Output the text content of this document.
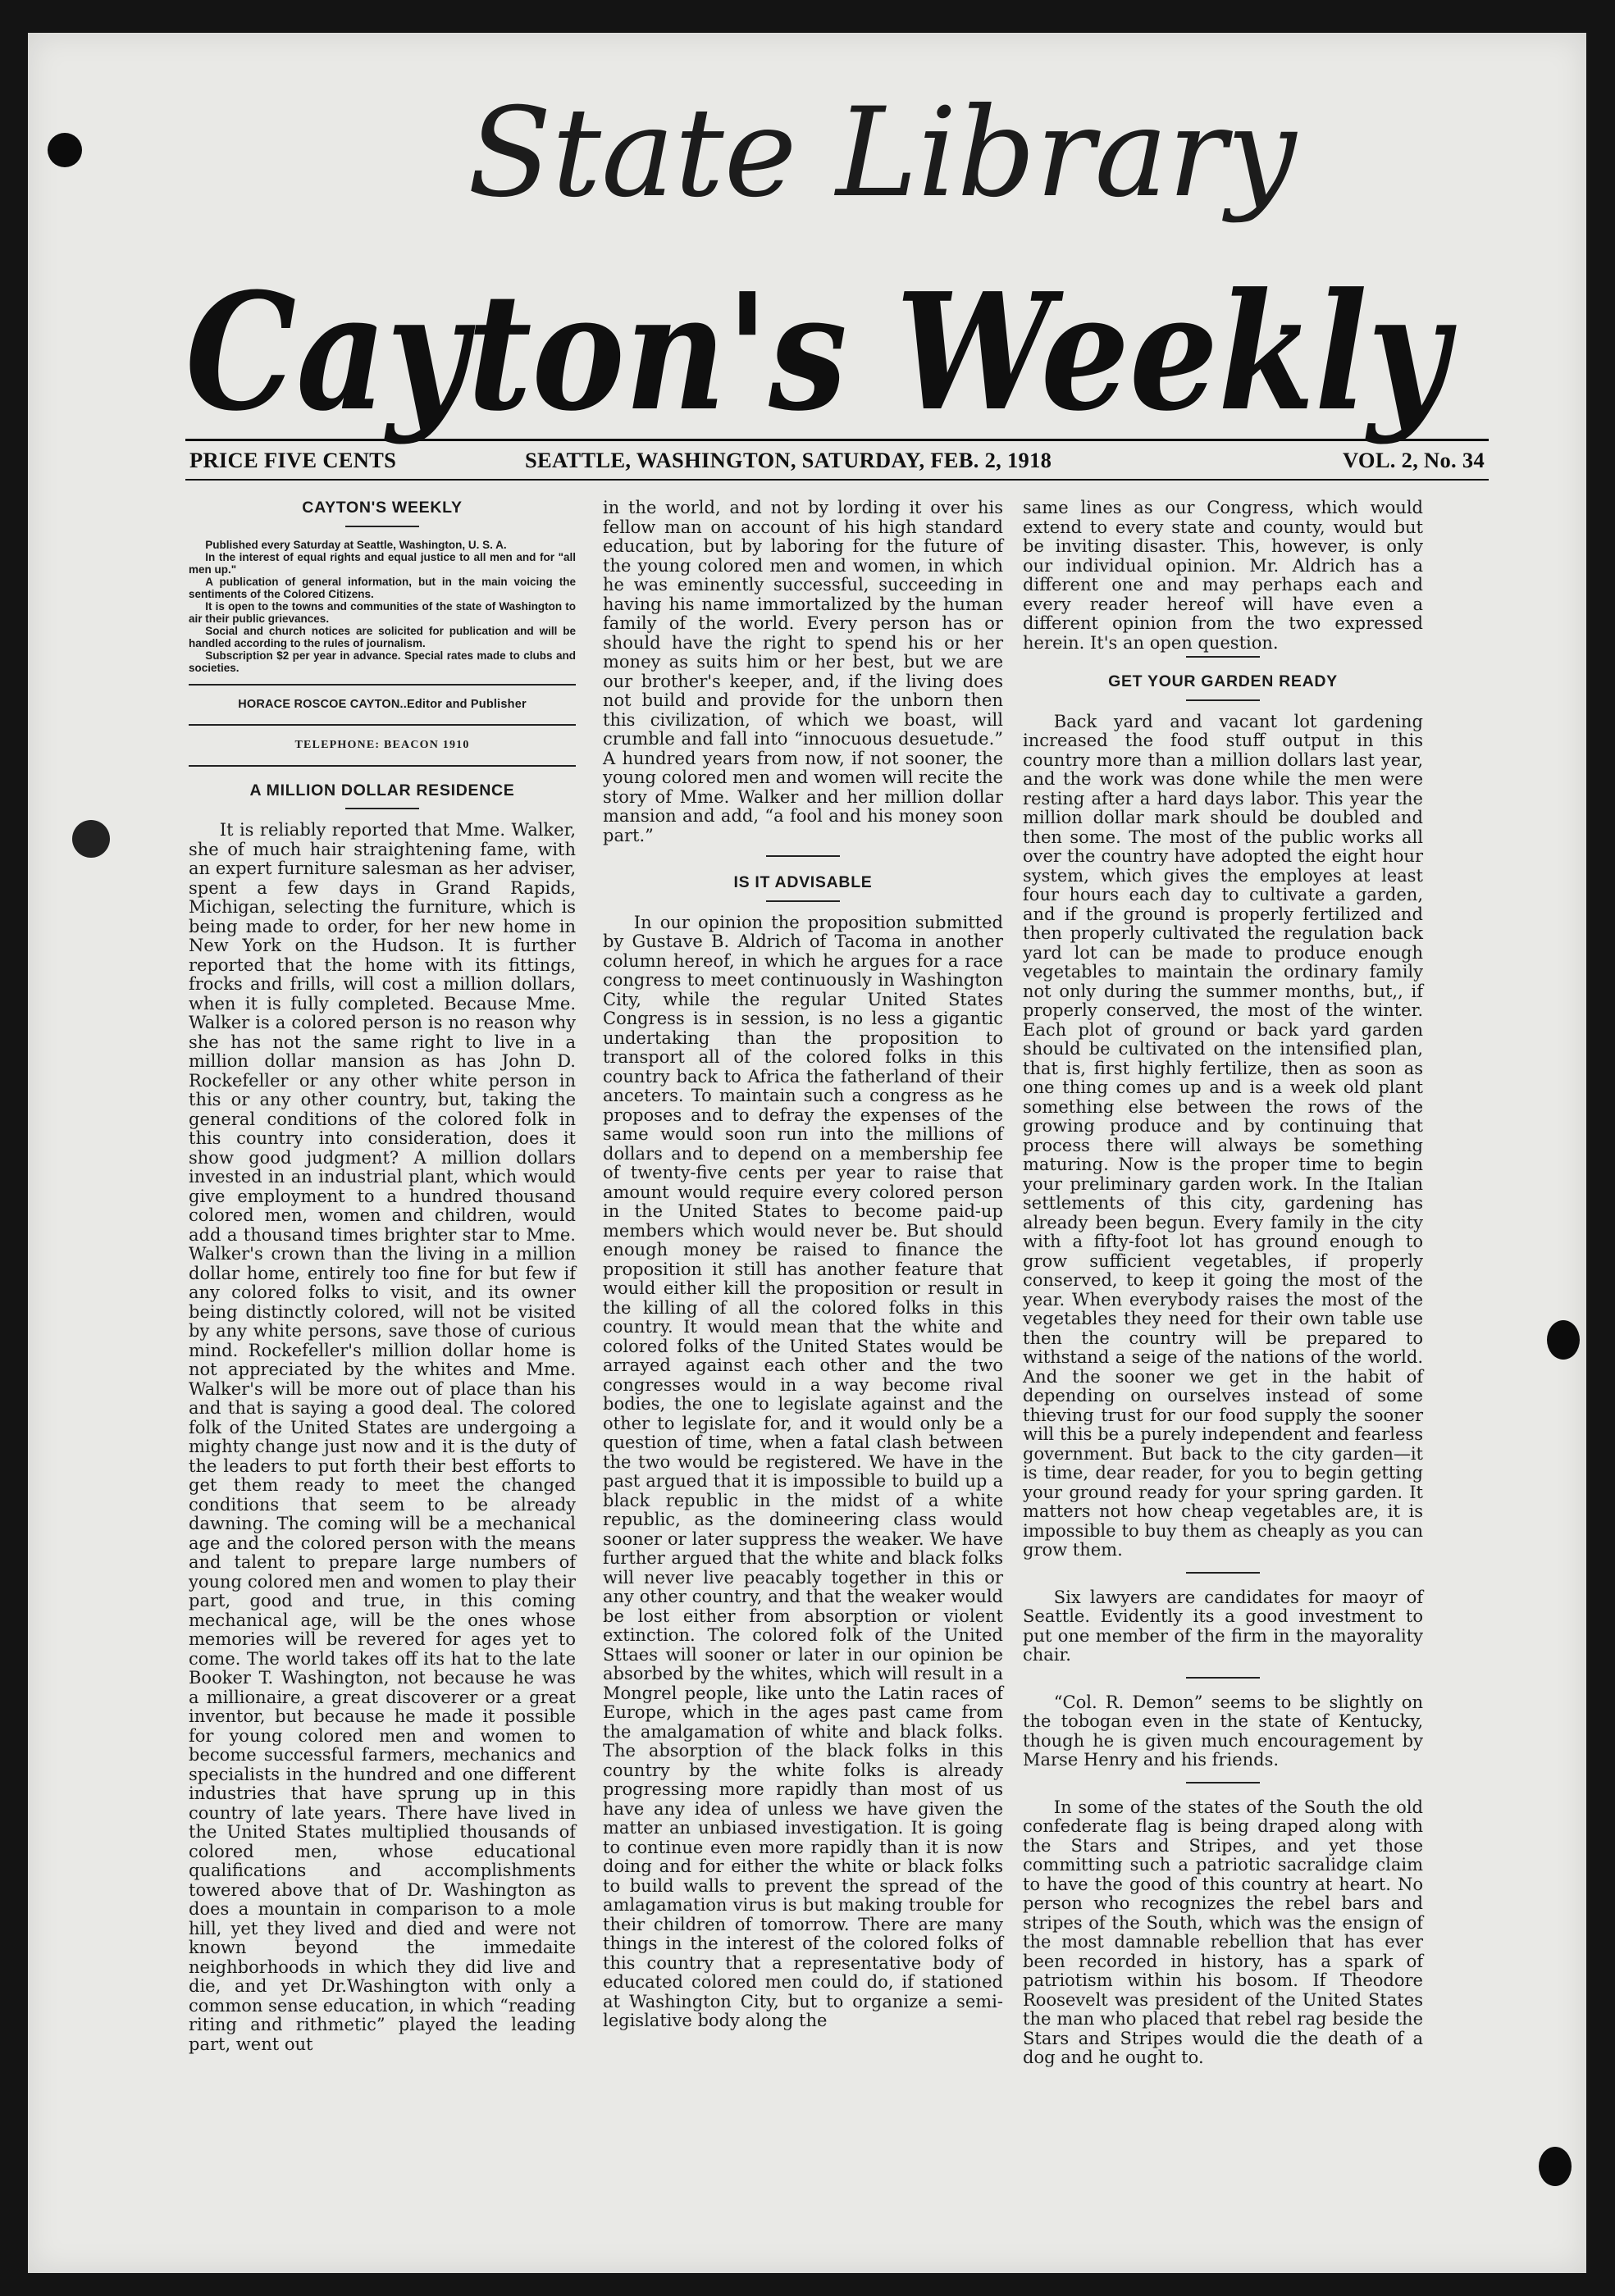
State Library
Cayton's Weekly
PRICE FIVE CENTS	SEATTLE, WASHINGTON, SATURDAY, FEB. 2, 1918	VOL. 2, No. 34
CAYTON'S WEEKLY

Published every Saturday at Seattle, Washington, U. S. A.

In the interest of equal rights and equal justice to all men and for "all men up."

A publication of general information, but in the main voicing the sentiments of the Colored Citizens.

It is open to the towns and communities of the state of Washington to air their public grievances.

Social and church notices are solicited for publication and will be handled according to the rules of journalism.

Subscription $2 per year in advance. Special rates made to clubs and societies.

HORACE ROSCOE CAYTON..Editor and Publisher
TELEPHONE: BEACON 1910
A MILLION DOLLAR RESIDENCE

It is reliably reported that Mme. Walker, she of much hair straightening fame, with an expert furniture salesman as her adviser, spent a few days in Grand Rapids, Michigan, selecting the furniture, which is being made to order, for her new home in New York on the Hudson. It is further reported that the home with its fittings, frocks and frills, will cost a million dollars, when it is fully completed. Because Mme. Walker is a colored person is no reason why she has not the same right to live in a million dollar mansion as has John D. Rockefeller or any other white person in this or any other country, but, taking the general conditions of the colored folk in this country into consideration, does it show good judgment? A million dollars invested in an industrial plant, which would give employment to a hundred thousand colored men, women and children, would add a thousand times brighter star to Mme. Walker's crown than the living in a million dollar home, entirely too fine for but few if any colored folks to visit, and its owner being distinctly colored, will not be visited by any white persons, save those of curious mind. Rockefeller's million dollar home is not appreciated by the whites and Mme. Walker's will be more out of place than his and that is saying a good deal. The colored folk of the United States are undergoing a mighty change just now and it is the duty of the leaders to put forth their best efforts to get them ready to meet the changed conditions that seem to be already dawning. The coming will be a mechanical age and the colored person with the means and talent to prepare large numbers of young colored men and women to play their part, good and true, in this coming mechanical age, will be the ones whose memories will be revered for ages yet to come. The world takes off its hat to the late Booker T. Washington, not because he was a millionaire, a great discoverer or a great inventor, but because he made it possible for young colored men and women to become successful farmers, mechanics and specialists in the hundred and one different industries that have sprung up in this country of late years. There have lived in the United States multiplied thousands of colored men, whose educational qualifications and accomplishments towered above that of Dr. Washington as does a mountain in comparison to a mole hill, yet they lived and died and were not known beyond the immedaite neighborhoods in which they did live and die, and yet Dr.Washington with only a common sense education, in which “reading riting and rithmetic” played the leading part, went out

in the world, and not by lording it over his fellow man on account of his high standard education, but by laboring for the future of the young colored men and women, in which he was eminently successful, succeeding in having his name immortalized by the human family of the world. Every person has or should have the right to spend his or her money as suits him or her best, but we are our brother's keeper, and, if the living does not build and provide for the unborn then this civilization, of which we boast, will crumble and fall into “innocuous desuetude.” A hundred years from now, if not sooner, the young colored men and women will recite the story of Mme. Walker and her million dollar mansion and add, “a fool and his money soon part.”

IS IT ADVISABLE

In our opinion the proposition submitted by Gustave B. Aldrich of Tacoma in another column hereof, in which he argues for a race congress to meet continuously in Washington City, while the regular United States Congress is in session, is no less a gigantic undertaking than the proposition to transport all of the colored folks in this country back to Africa the fatherland of their anceters. To maintain such a congress as he proposes and to defray the expenses of the same would soon run into the millions of dollars and to depend on a membership fee of twenty-five cents per year to raise that amount would require every colored person in the United States to become paid-up members which would never be. But should enough money be raised to finance the proposition it still has another feature that would either kill the proposition or result in the killing of all the colored folks in this country. It would mean that the white and colored folks of the United States would be arrayed against each other and the two congresses would in a way become rival bodies, the one to legislate against and the other to legislate for, and it would only be a question of time, when a fatal clash between the two would be registered. We have in the past argued that it is impossible to build up a black republic in the midst of a white republic, as the domineering class would sooner or later suppress the weaker. We have further argued that the white and black folks will never live peacably together in this or any other country, and that the weaker would be lost either from absorption or violent extinction. The colored folk of the United Sttaes will sooner or later in our opinion be absorbed by the whites, which will result in a Mongrel people, like unto the Latin races of Europe, which in the ages past came from the amalgamation of white and black folks. The absorption of the black folks in this country by the white folks is already progressing more rapidly than most of us have any idea of unless we have given the matter an unbiased investigation. It is going to continue even more rapidly than it is now doing and for either the white or black folks to build walls to prevent the spread of the amlagamation virus is but making trouble for their children of tomorrow. There are many things in the interest of the colored folks of this country that a representative body of educated colored men could do, if stationed at Washington City, but to organize a semi-legislative body along the

same lines as our Congress, which would extend to every state and county, would but be inviting disaster. This, however, is only our individual opinion. Mr. Aldrich has a different one and may perhaps each and every reader hereof will have even a different opinion from the two expressed herein. It's an open question.

GET YOUR GARDEN READY

Back yard and vacant lot gardening increased the food stuff output in this country more than a million dollars last year, and the work was done while the men were resting after a hard days labor. This year the million dollar mark should be doubled and then some. The most of the public works all over the country have adopted the eight hour system, which gives the employes at least four hours each day to cultivate a garden, and if the ground is properly fertilized and then properly cultivated the regulation back yard lot can be made to produce enough vegetables to maintain the ordinary family not only during the summer months, but,, if properly conserved, the most of the winter. Each plot of ground or back yard garden should be cultivated on the intensified plan, that is, first highly fertilize, then as soon as one thing comes up and is a week old plant something else between the rows of the growing produce and by continuing that process there will always be something maturing. Now is the proper time to begin your preliminary garden work. In the Italian settlements of this city, gardening has already been begun. Every family in the city with a fifty-foot lot has ground enough to grow sufficient vegetables, if properly conserved, to keep it going the most of the year. When everybody raises the most of the vegetables they need for their own table use then the country will be prepared to withstand a seige of the nations of the world. And the sooner we get in the habit of depending on ourselves instead of some thieving trust for our food supply the sooner will this be a purely independent and fearless government. But back to the city garden—it is time, dear reader, for you to begin getting your ground ready for your spring garden. It matters not how cheap vegetables are, it is impossible to buy them as cheaply as you can grow them.

Six lawyers are candidates for maoyr of Seattle. Evidently its a good investment to put one member of the firm in the mayorality chair.

“Col. R. Demon” seems to be slightly on the tobogan even in the state of Kentucky, though he is given much encouragement by Marse Henry and his friends.

In some of the states of the South the old confederate flag is being draped along with the Stars and Stripes, and yet those committing such a patriotic sacralidge claim to have the good of this country at heart. No person who recognizes the rebel bars and stripes of the South, which was the ensign of the most damnable rebellion that has ever been recorded in history, has a spark of patriotism within his bosom. If Theodore Roosevelt was president of the United States the man who placed that rebel rag beside the Stars and Stripes would die the death of a dog and he ought to.
